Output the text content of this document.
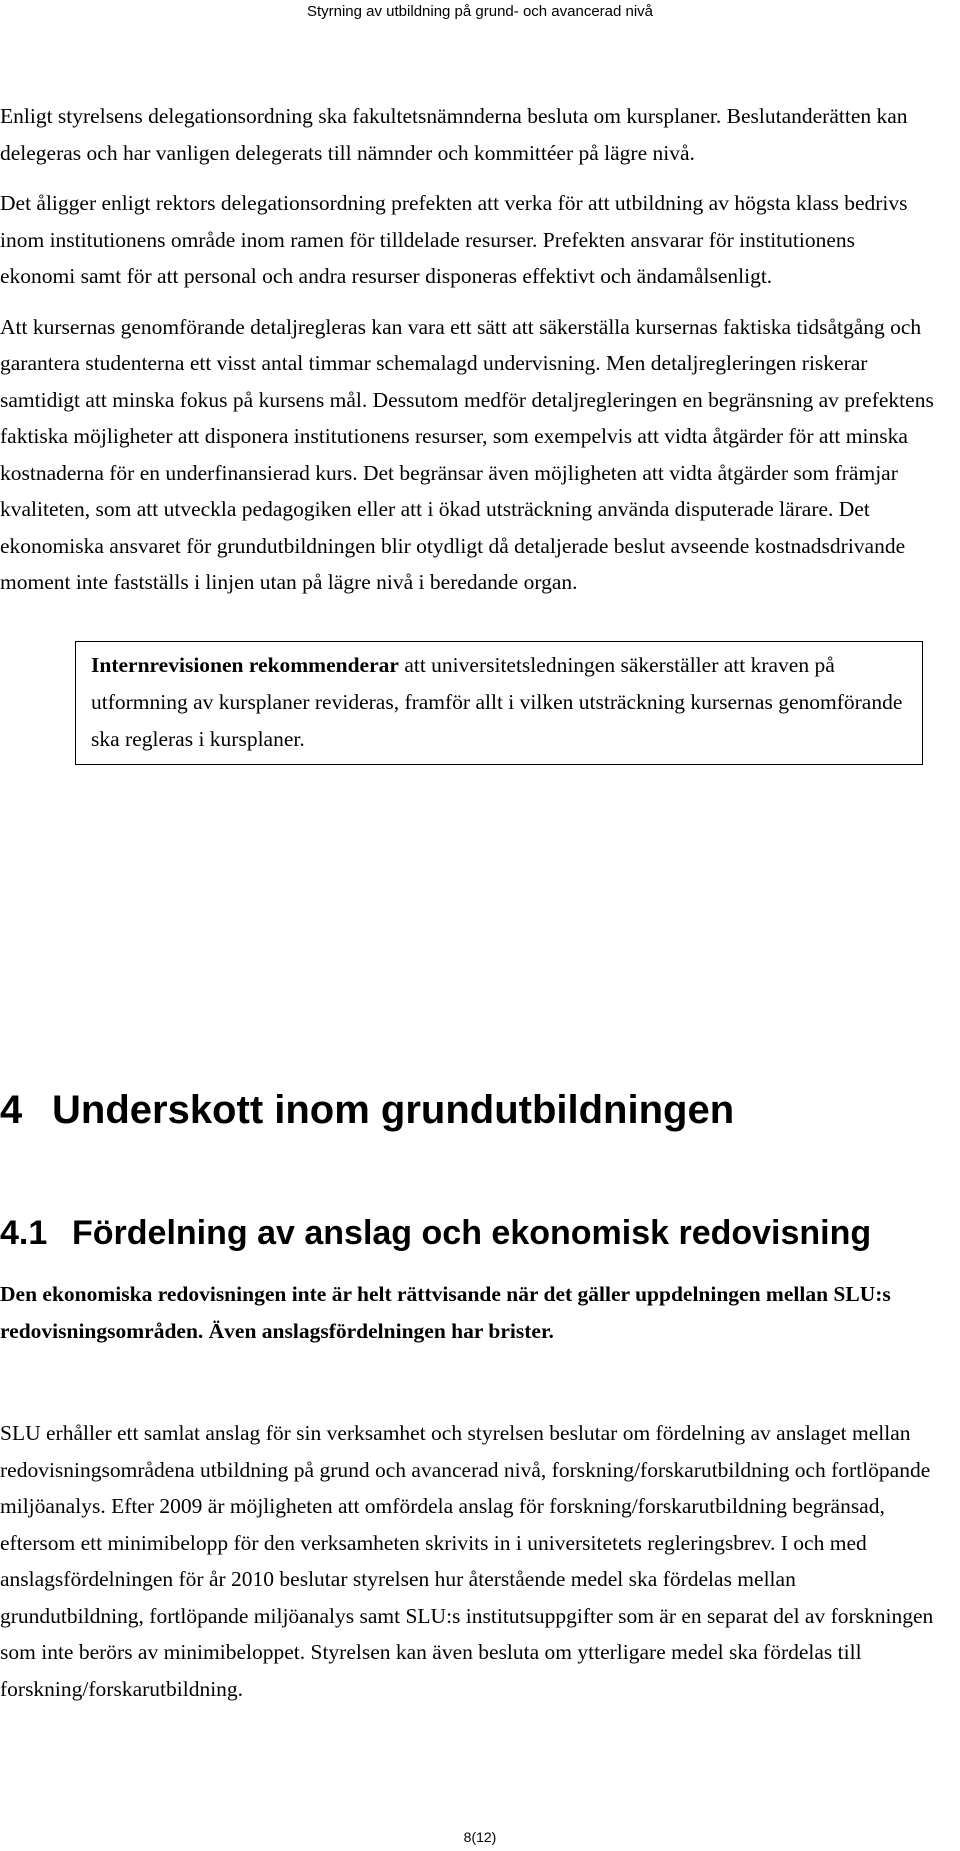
Styrning av utbildning på grund- och avancerad nivå

Enligt styrelsens delegationsordning ska fakultetsnämnderna besluta om kursplaner. Beslutanderätten kan delegeras och har vanligen delegerats till nämnder och kommittéer på lägre nivå.

Det åligger enligt rektors delegationsordning prefekten att verka för att utbildning av högsta klass bedrivs inom institutionens område inom ramen för tilldelade resurser. Prefekten ansvarar för institutionens ekonomi samt för att personal och andra resurser disponeras effektivt och ändamålsenligt.

Att kursernas genomförande detaljregleras kan vara ett sätt att säkerställa kursernas faktiska tidsåtgång och garantera studenterna ett visst antal timmar schemalagd undervisning. Men detaljregleringen riskerar samtidigt att minska fokus på kursens mål. Dessutom medför detaljregleringen en begränsning av prefektens faktiska möjligheter att disponera institutionens resurser, som exempelvis att vidta åtgärder för att minska kostnaderna för en underfinansierad kurs. Det begränsar även möjligheten att vidta åtgärder som främjar kvaliteten, som att utveckla pedagogiken eller att i ökad utsträckning använda disputerade lärare. Det ekonomiska ansvaret för grundutbildningen blir otydligt då detaljerade beslut avseende kostnadsdrivande moment inte fastställs i linjen utan på lägre nivå i beredande organ.

Internrevisionen rekommenderar att universitetsledningen säkerställer att kraven på utformning av kursplaner revideras, framför allt i vilken utsträckning kursernas genomförande ska regleras i kursplaner.

4 Underskott inom grundutbildningen
4.1 Fördelning av anslag och ekonomisk redovisning

Den ekonomiska redovisningen inte är helt rättvisande när det gäller uppdelningen mellan SLU:s redovisningsområden. Även anslagsfördelningen har brister.

SLU erhåller ett samlat anslag för sin verksamhet och styrelsen beslutar om fördelning av anslaget mellan redovisningsområdena utbildning på grund och avancerad nivå, forskning/forskarutbildning och fortlöpande miljöanalys. Efter 2009 är möjligheten att omfördela anslag för forskning/forskarutbildning begränsad, eftersom ett minimibelopp för den verksamheten skrivits in i universitetets regleringsbrev. I och med anslagsfördelningen för år 2010 beslutar styrelsen hur återstående medel ska fördelas mellan grundutbildning, fortlöpande miljöanalys samt SLU:s institutsuppgifter som är en separat del av forskningen som inte berörs av minimibeloppet. Styrelsen kan även besluta om ytterligare medel ska fördelas till forskning/forskarutbildning.

8(12)
